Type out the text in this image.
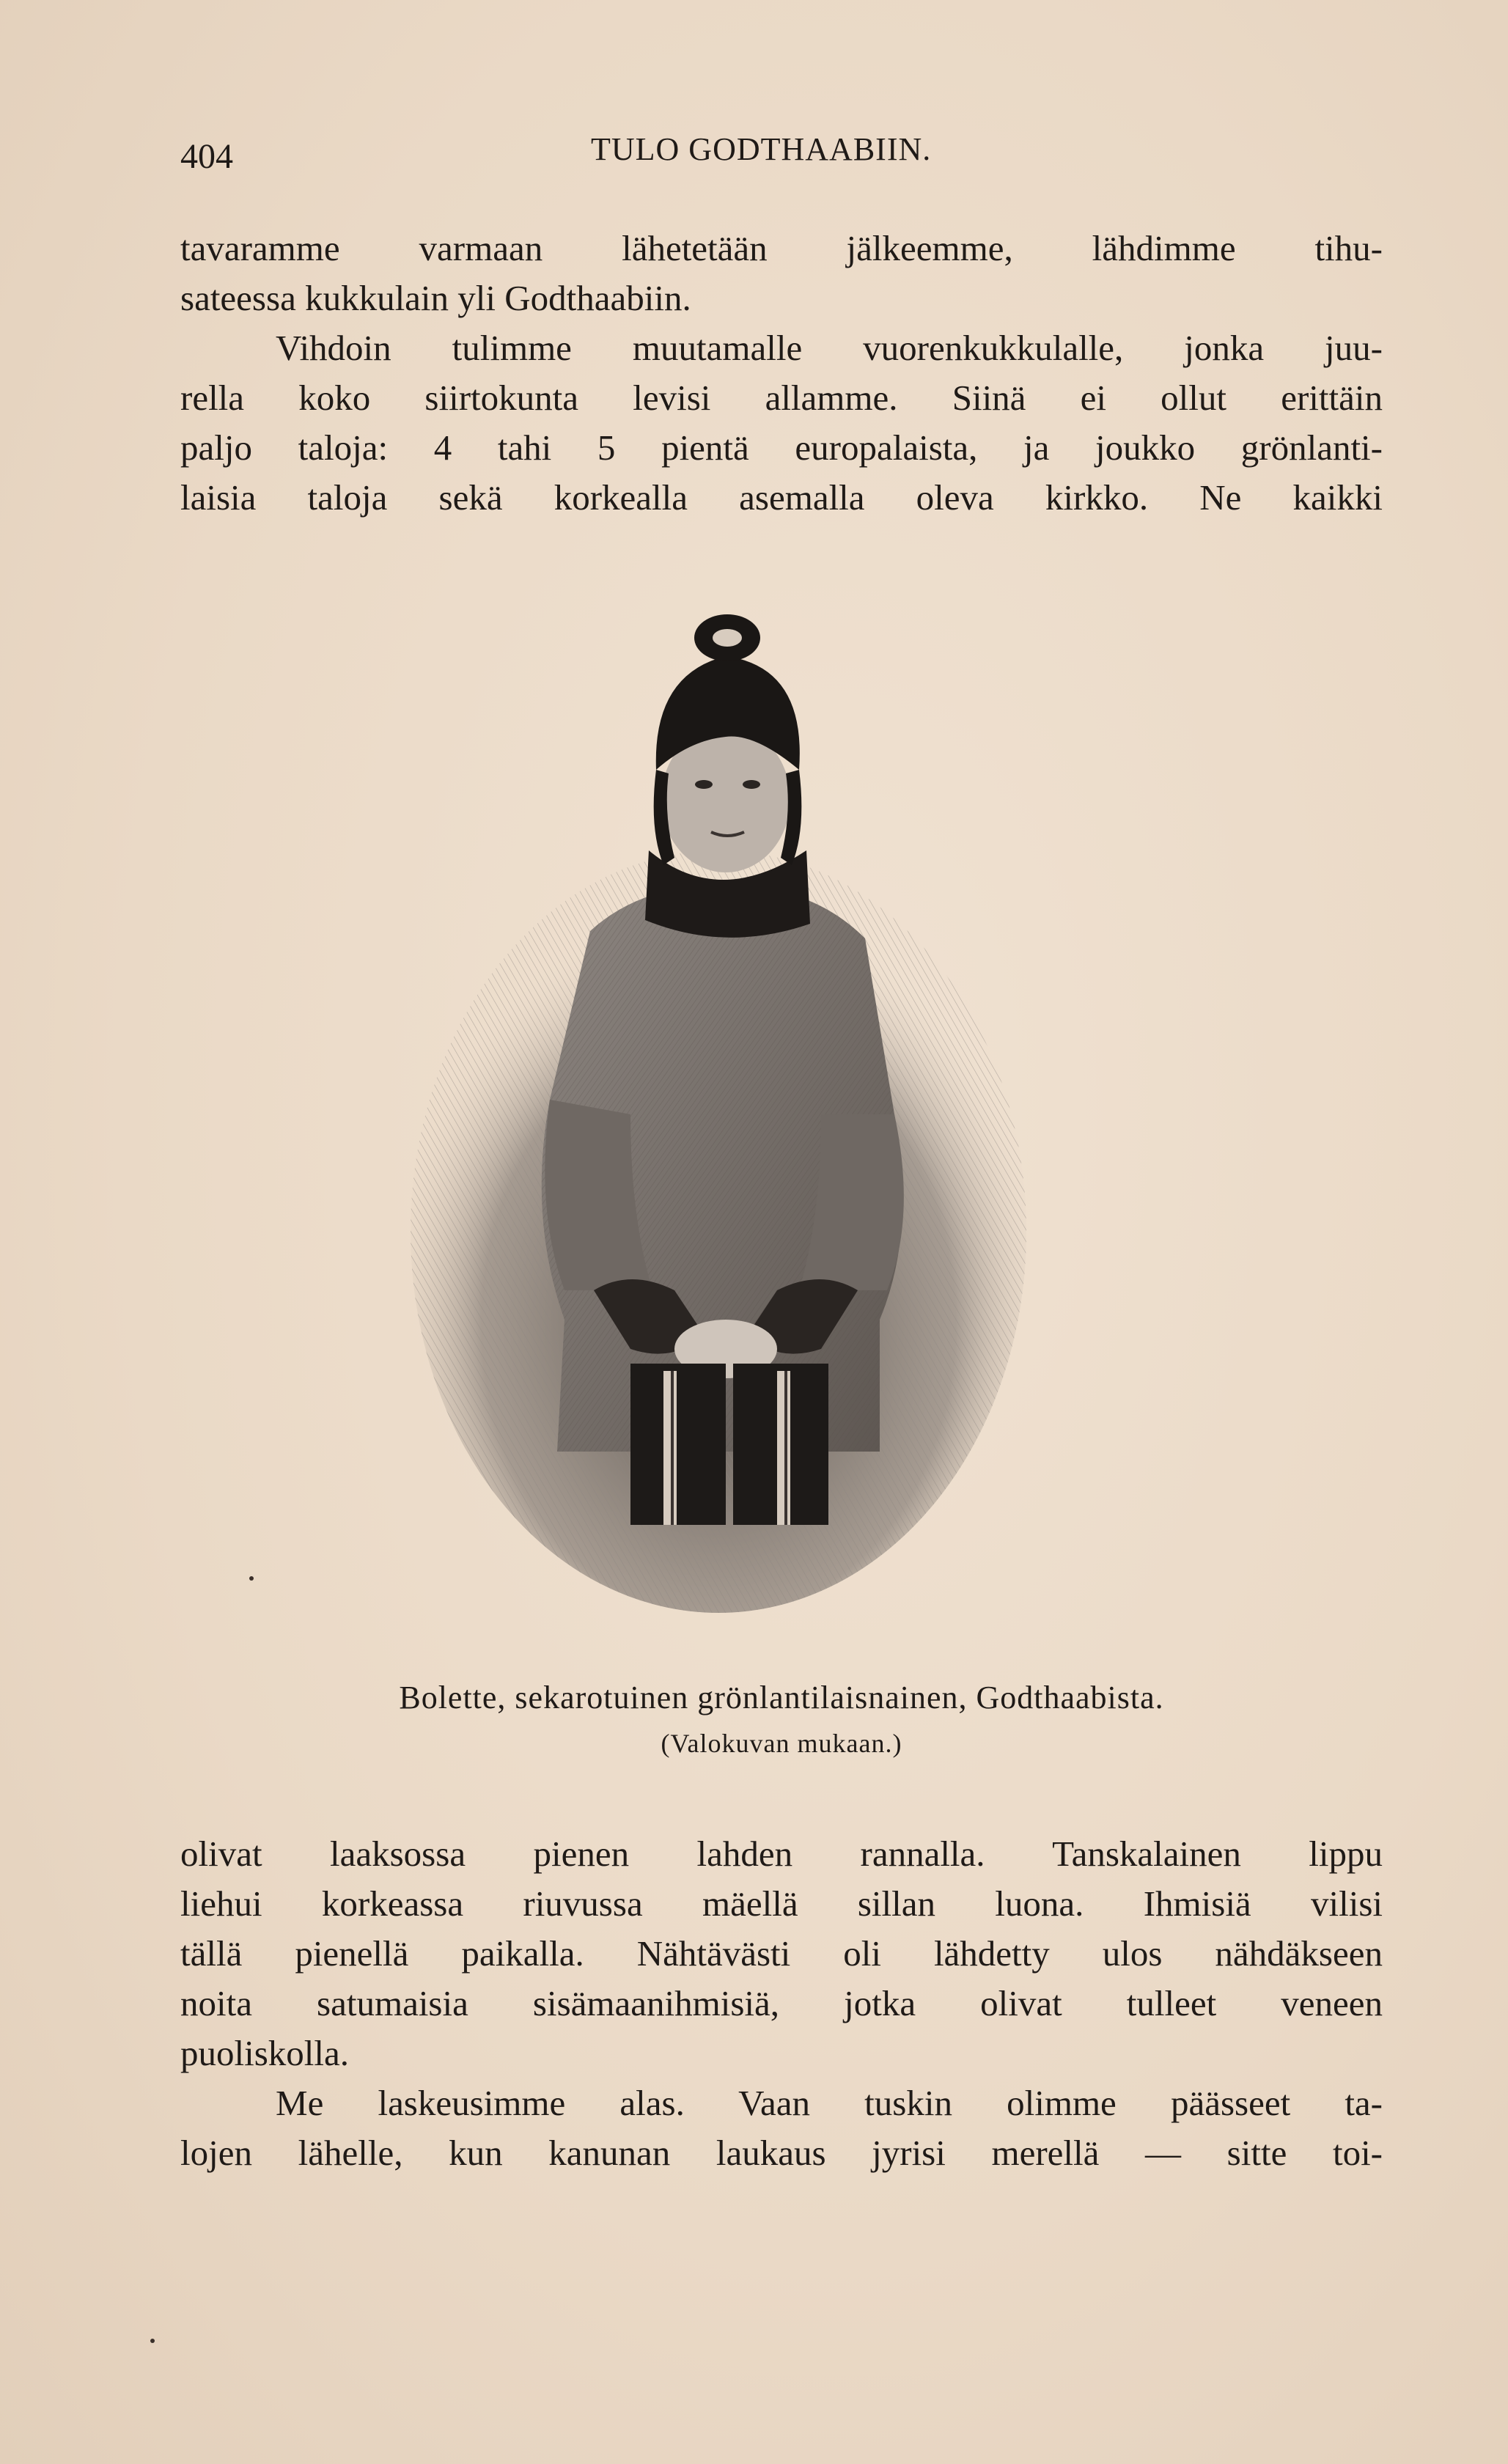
404	TULO GODTHAABIIN.

tavaramme varmaan lähetetään jälkeemme, lähdimme tihu-
sateessa kukkulain yli Godthaabiin.

Vihdoin tulimme muutamalle vuorenkukkulalle, jonka juu-
rella koko siirtokunta levisi allamme. Siinä ei ollut erittäin
paljo taloja: 4 tahi 5 pientä europalaista, ja joukko grönlanti-
laisia taloja sekä korkealla asemalla oleva kirkko. Ne kaikki

Bolette, sekarotuinen grönlantilaisnainen, Godthaabista.
(Valokuvan mukaan.)

olivat laaksossa pienen lahden rannalla. Tanskalainen lippu
liehui korkeassa riuvussa mäellä sillan luona. Ihmisiä vilisi
tällä pienellä paikalla. Nähtävästi oli lähdetty ulos nähdäkseen
noita satumaisia sisämaanihmisiä, jotka olivat tulleet veneen
puoliskolla.

Me laskeusimme alas. Vaan tuskin olimme päässeet ta-
lojen lähelle, kun kanunan laukaus jyrisi merellä — sitte toi-
